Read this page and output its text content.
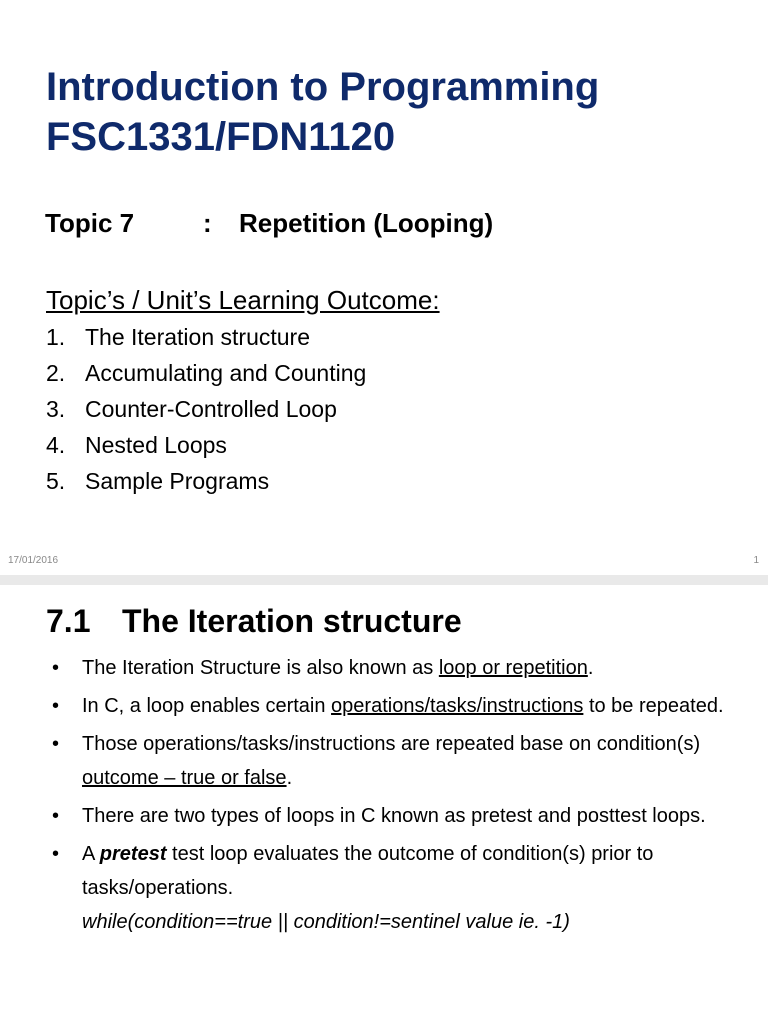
Introduction to Programming
FSC1331/FDN1120
Topic 7	: Repetition (Looping)
Topic’s / Unit’s Learning Outcome:
1. The Iteration structure
2. Accumulating and Counting
3. Counter-Controlled Loop
4. Nested Loops
5. Sample Programs
17/01/2016	1
7.1 The Iteration structure
• The Iteration Structure is also known as loop or repetition.
• In C, a loop enables certain operations/tasks/instructions to be repeated.
• Those operations/tasks/instructions are repeated base on condition(s) outcome – true or false.
• There are two types of loops in C known as pretest and posttest loops.
• A pretest test loop evaluates the outcome of condition(s) prior to tasks/operations.
while(condition==true || condition!=sentinel value ie. -1)
